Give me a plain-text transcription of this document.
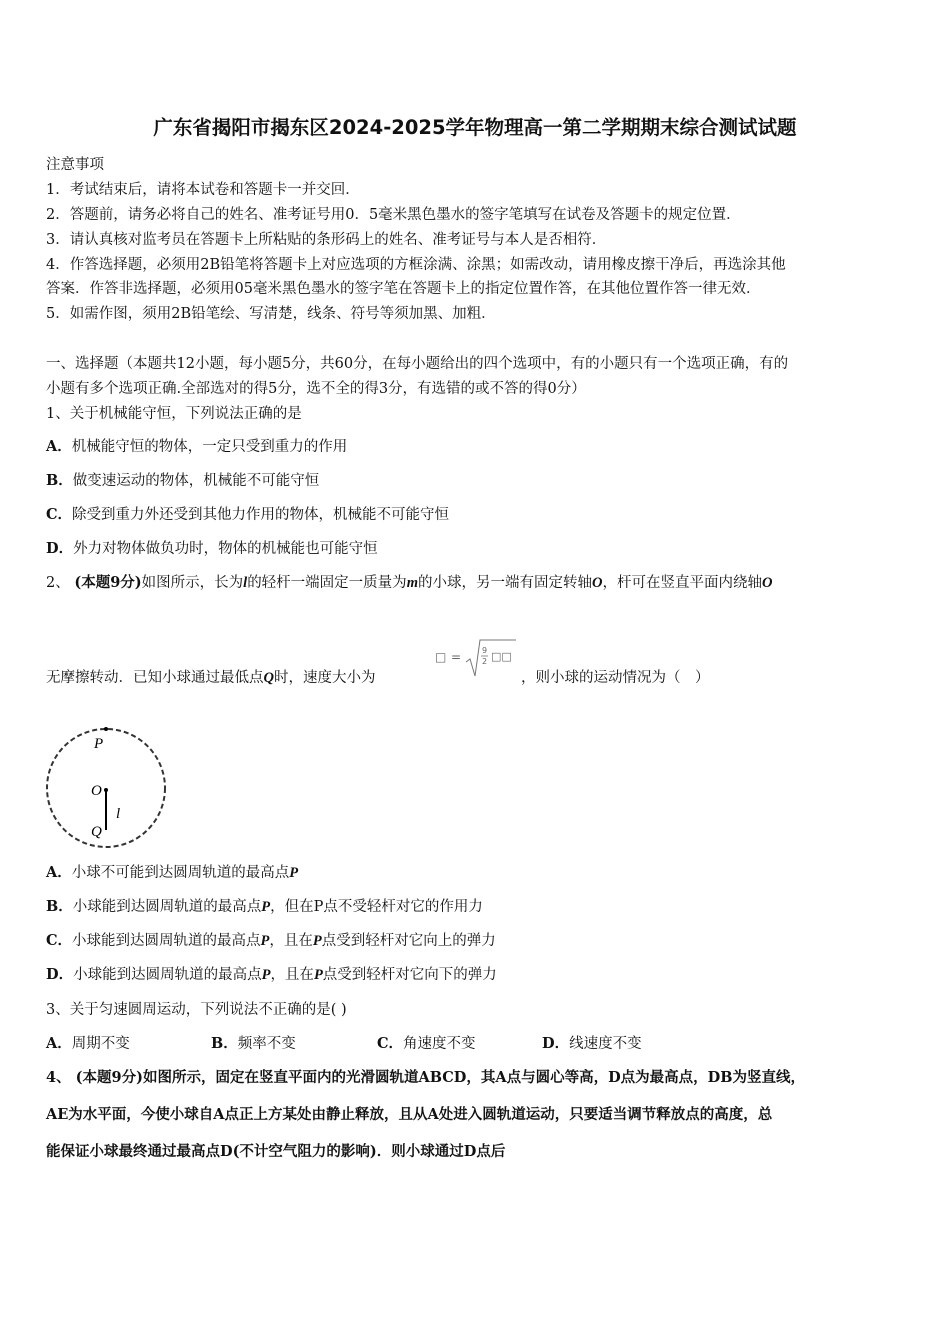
广东省揭阳市揭东区2024-2025学年物理高一第二学期期末综合测试试题
注意事项
1．考试结束后，请将本试卷和答题卡一并交回．
2．答题前，请务必将自己的姓名、准考证号用0．5毫米黑色墨水的签字笔填写在试卷及答题卡的规定位置．
3．请认真核对监考员在答题卡上所粘贴的条形码上的姓名、准考证号与本人是否相符．
4．作答选择题，必须用2B铅笔将答题卡上对应选项的方框涂满、涂黑；如需改动，请用橡皮擦干净后，再选涂其他
答案．作答非选择题，必须用05毫米黑色墨水的签字笔在答题卡上的指定位置作答，在其他位置作答一律无效．
5．如需作图，须用2B铅笔绘、写清楚，线条、符号等须加黑、加粗．
一、选择题（本题共12小题，每小题5分，共60分，在每小题给出的四个选项中，有的小题只有一个选项正确，有的
小题有多个选项正确.全部选对的得5分，选不全的得3分，有选错的或不答的得0分）
1、关于机械能守恒，下列说法正确的是
A．机械能守恒的物体，一定只受到重力的作用
B．做变速运动的物体，机械能不可能守恒
C．除受到重力外还受到其他力作用的物体，机械能不可能守恒
D．外力对物体做负功时，物体的机械能也可能守恒
2、 (本题9分)如图所示，长为l的轻杆一端固定一质量为m的小球，另一端有固定转轴O，杆可在竖直平面内绕轴O
□ =	9
2 □□
无摩擦转动．已知小球通过最低点Q时，速度大小为	，则小球的运动情况为（　）
P
O
l
Q
A．小球不可能到达圆周轨道的最高点P
B．小球能到达圆周轨道的最高点P，但在P点不受轻杆对它的作用力
C．小球能到达圆周轨道的最高点P，且在P点受到轻杆对它向上的弹力
D．小球能到达圆周轨道的最高点P，且在P点受到轻杆对它向下的弹力
3、关于匀速圆周运动，下列说法不正确的是( )
A．周期不变	B．频率不变	C．角速度不变	D．线速度不变
4、 (本题9分)如图所示，固定在竖直平面内的光滑圆轨道ABCD，其A点与圆心等高，D点为最高点，DB为竖直线，
AE为水平面，今使小球自A点正上方某处由静止释放，且从A处进入圆轨道运动，只要适当调节释放点的高度，总
能保证小球最终通过最高点D(不计空气阻力的影响)．则小球通过D点后
